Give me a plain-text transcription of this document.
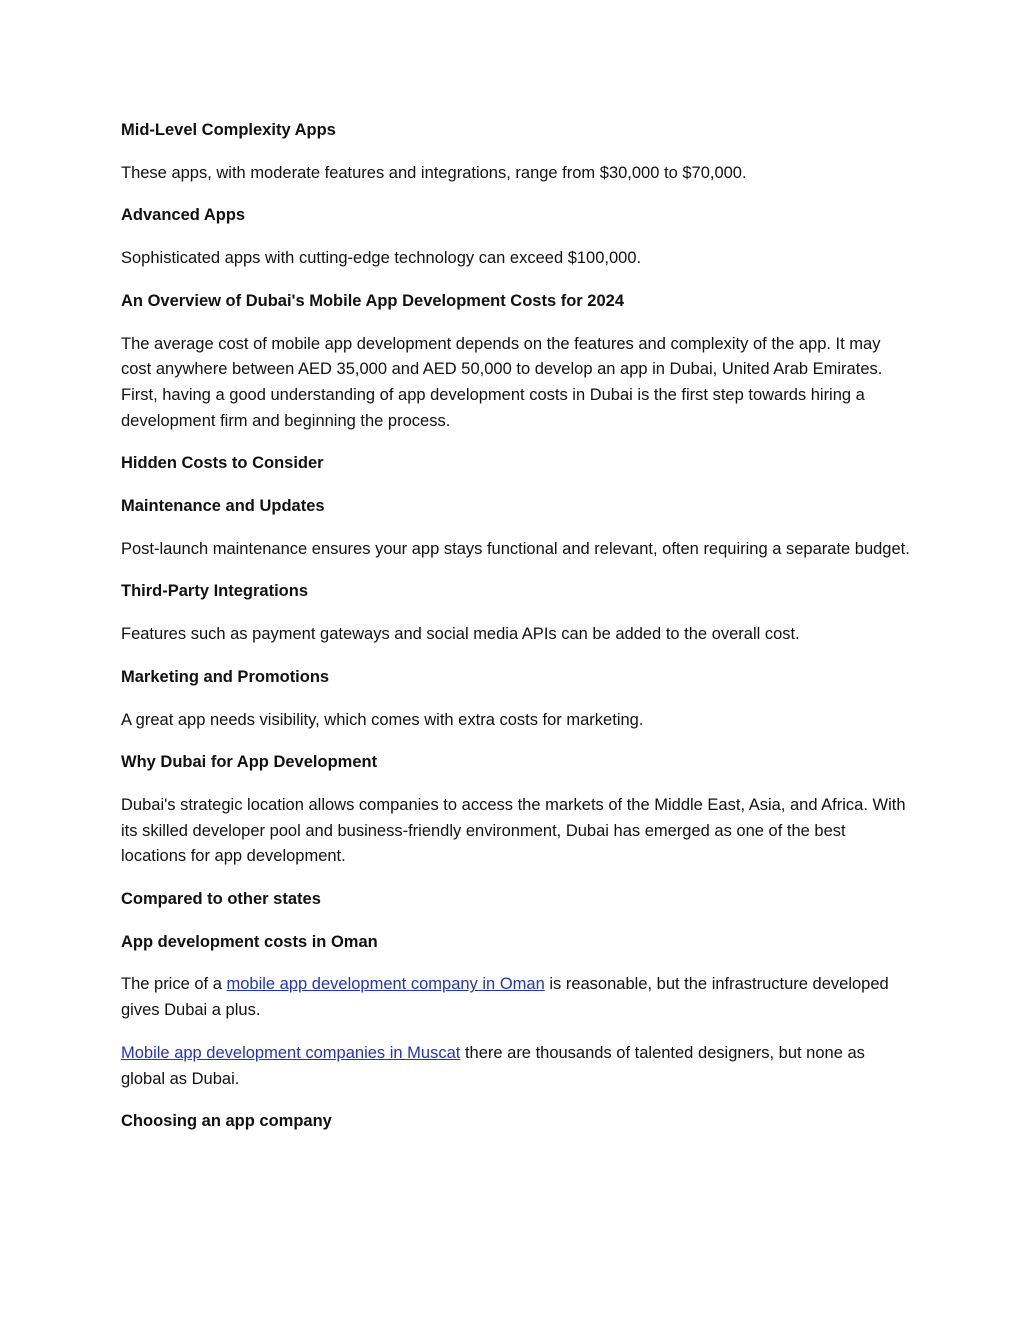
Mid-Level Complexity Apps

These apps, with moderate features and integrations, range from $30,000 to $70,000.

Advanced Apps

Sophisticated apps with cutting-edge technology can exceed $100,000.

An Overview of Dubai's Mobile App Development Costs for 2024

The average cost of mobile app development depends on the features and complexity of the app. It may cost anywhere between AED 35,000 and AED 50,000 to develop an app in Dubai, United Arab Emirates. First, having a good understanding of app development costs in Dubai is the first step towards hiring a development firm and beginning the process.

Hidden Costs to Consider

Maintenance and Updates

Post-launch maintenance ensures your app stays functional and relevant, often requiring a separate budget.

Third-Party Integrations

Features such as payment gateways and social media APIs can be added to the overall cost.

Marketing and Promotions

A great app needs visibility, which comes with extra costs for marketing.

Why Dubai for App Development

Dubai's strategic location allows companies to access the markets of the Middle East, Asia, and Africa. With its skilled developer pool and business-friendly environment, Dubai has emerged as one of the best locations for app development.

Compared to other states

App development costs in Oman

The price of a mobile app development company in Oman is reasonable, but the infrastructure developed gives Dubai a plus.

Mobile app development companies in Muscat there are thousands of talented designers, but none as global as Dubai.

Choosing an app company
